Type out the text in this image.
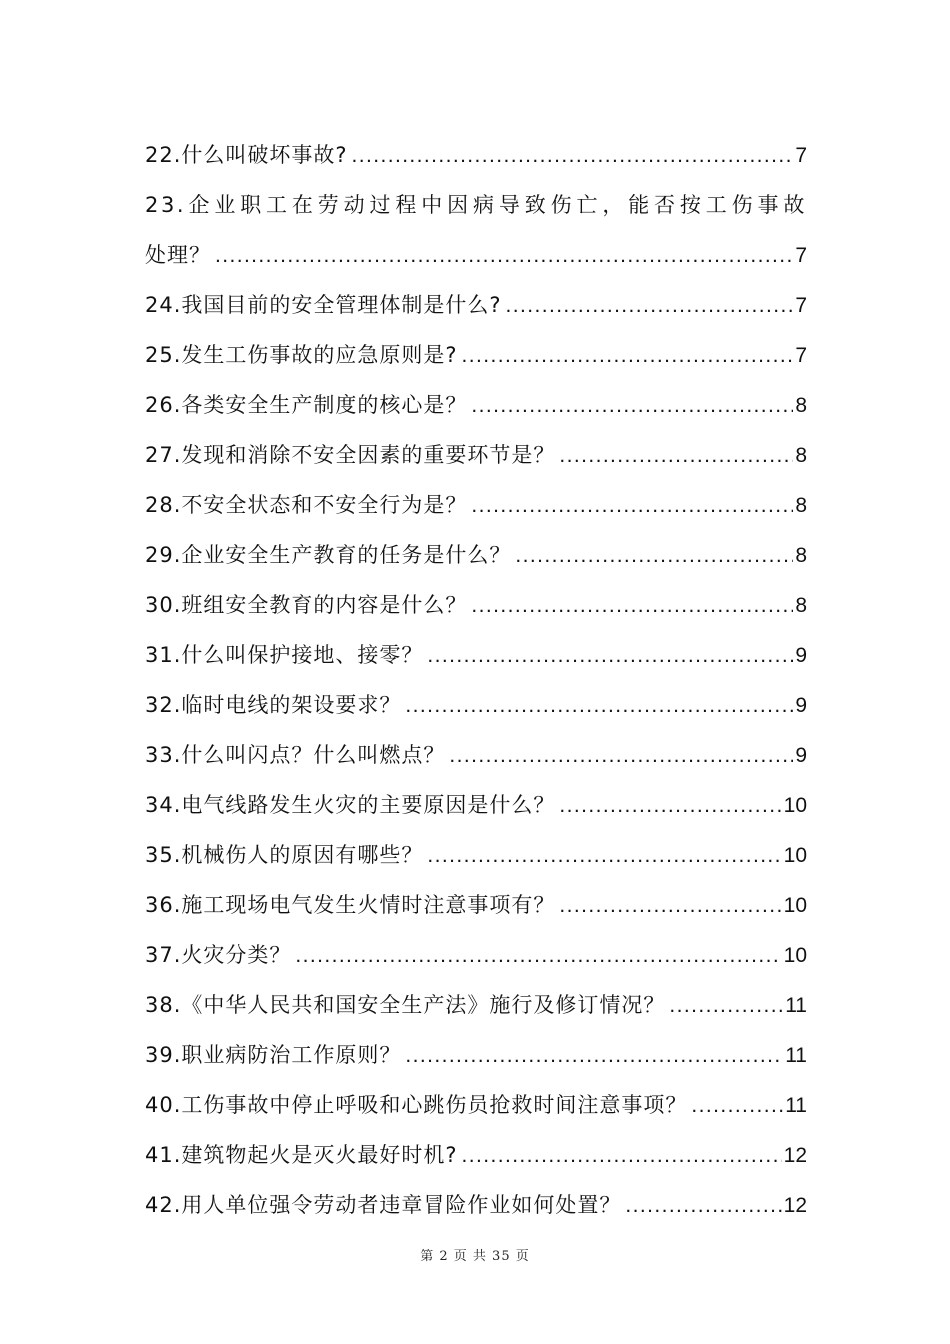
22.什么叫破坏事故? .....	7
23.企业职工在劳动过程中因病导致伤亡，能否按工伤事故
处理？ .....	7
24.我国目前的安全管理体制是什么? .....	7
25.发生工伤事故的应急原则是? .....	7
26.各类安全生产制度的核心是？ .....	8
27.发现和消除不安全因素的重要环节是？ .....	8
28.不安全状态和不安全行为是？ .....	8
29.企业安全生产教育的任务是什么？ .....	8
30.班组安全教育的内容是什么？ .....	8
31.什么叫保护接地、接零？ .....	9
32.临时电线的架设要求？ .....	9
33.什么叫闪点？什么叫燃点？ .....	9
34.电气线路发生火灾的主要原因是什么？ .....	10
35.机械伤人的原因有哪些？ .....	10
36.施工现场电气发生火情时注意事项有？ .....	10
37.火灾分类？ .....	10
38.《中华人民共和国安全生产法》施行及修订情况？ .....	11
39.职业病防治工作原则？ .....	11
40.工伤事故中停止呼吸和心跳伤员抢救时间注意事项？ .....	11
41.建筑物起火是灭火最好时机? .....	12
42.用人单位强令劳动者违章冒险作业如何处置？ .....	12
第 2 页 共 35 页
